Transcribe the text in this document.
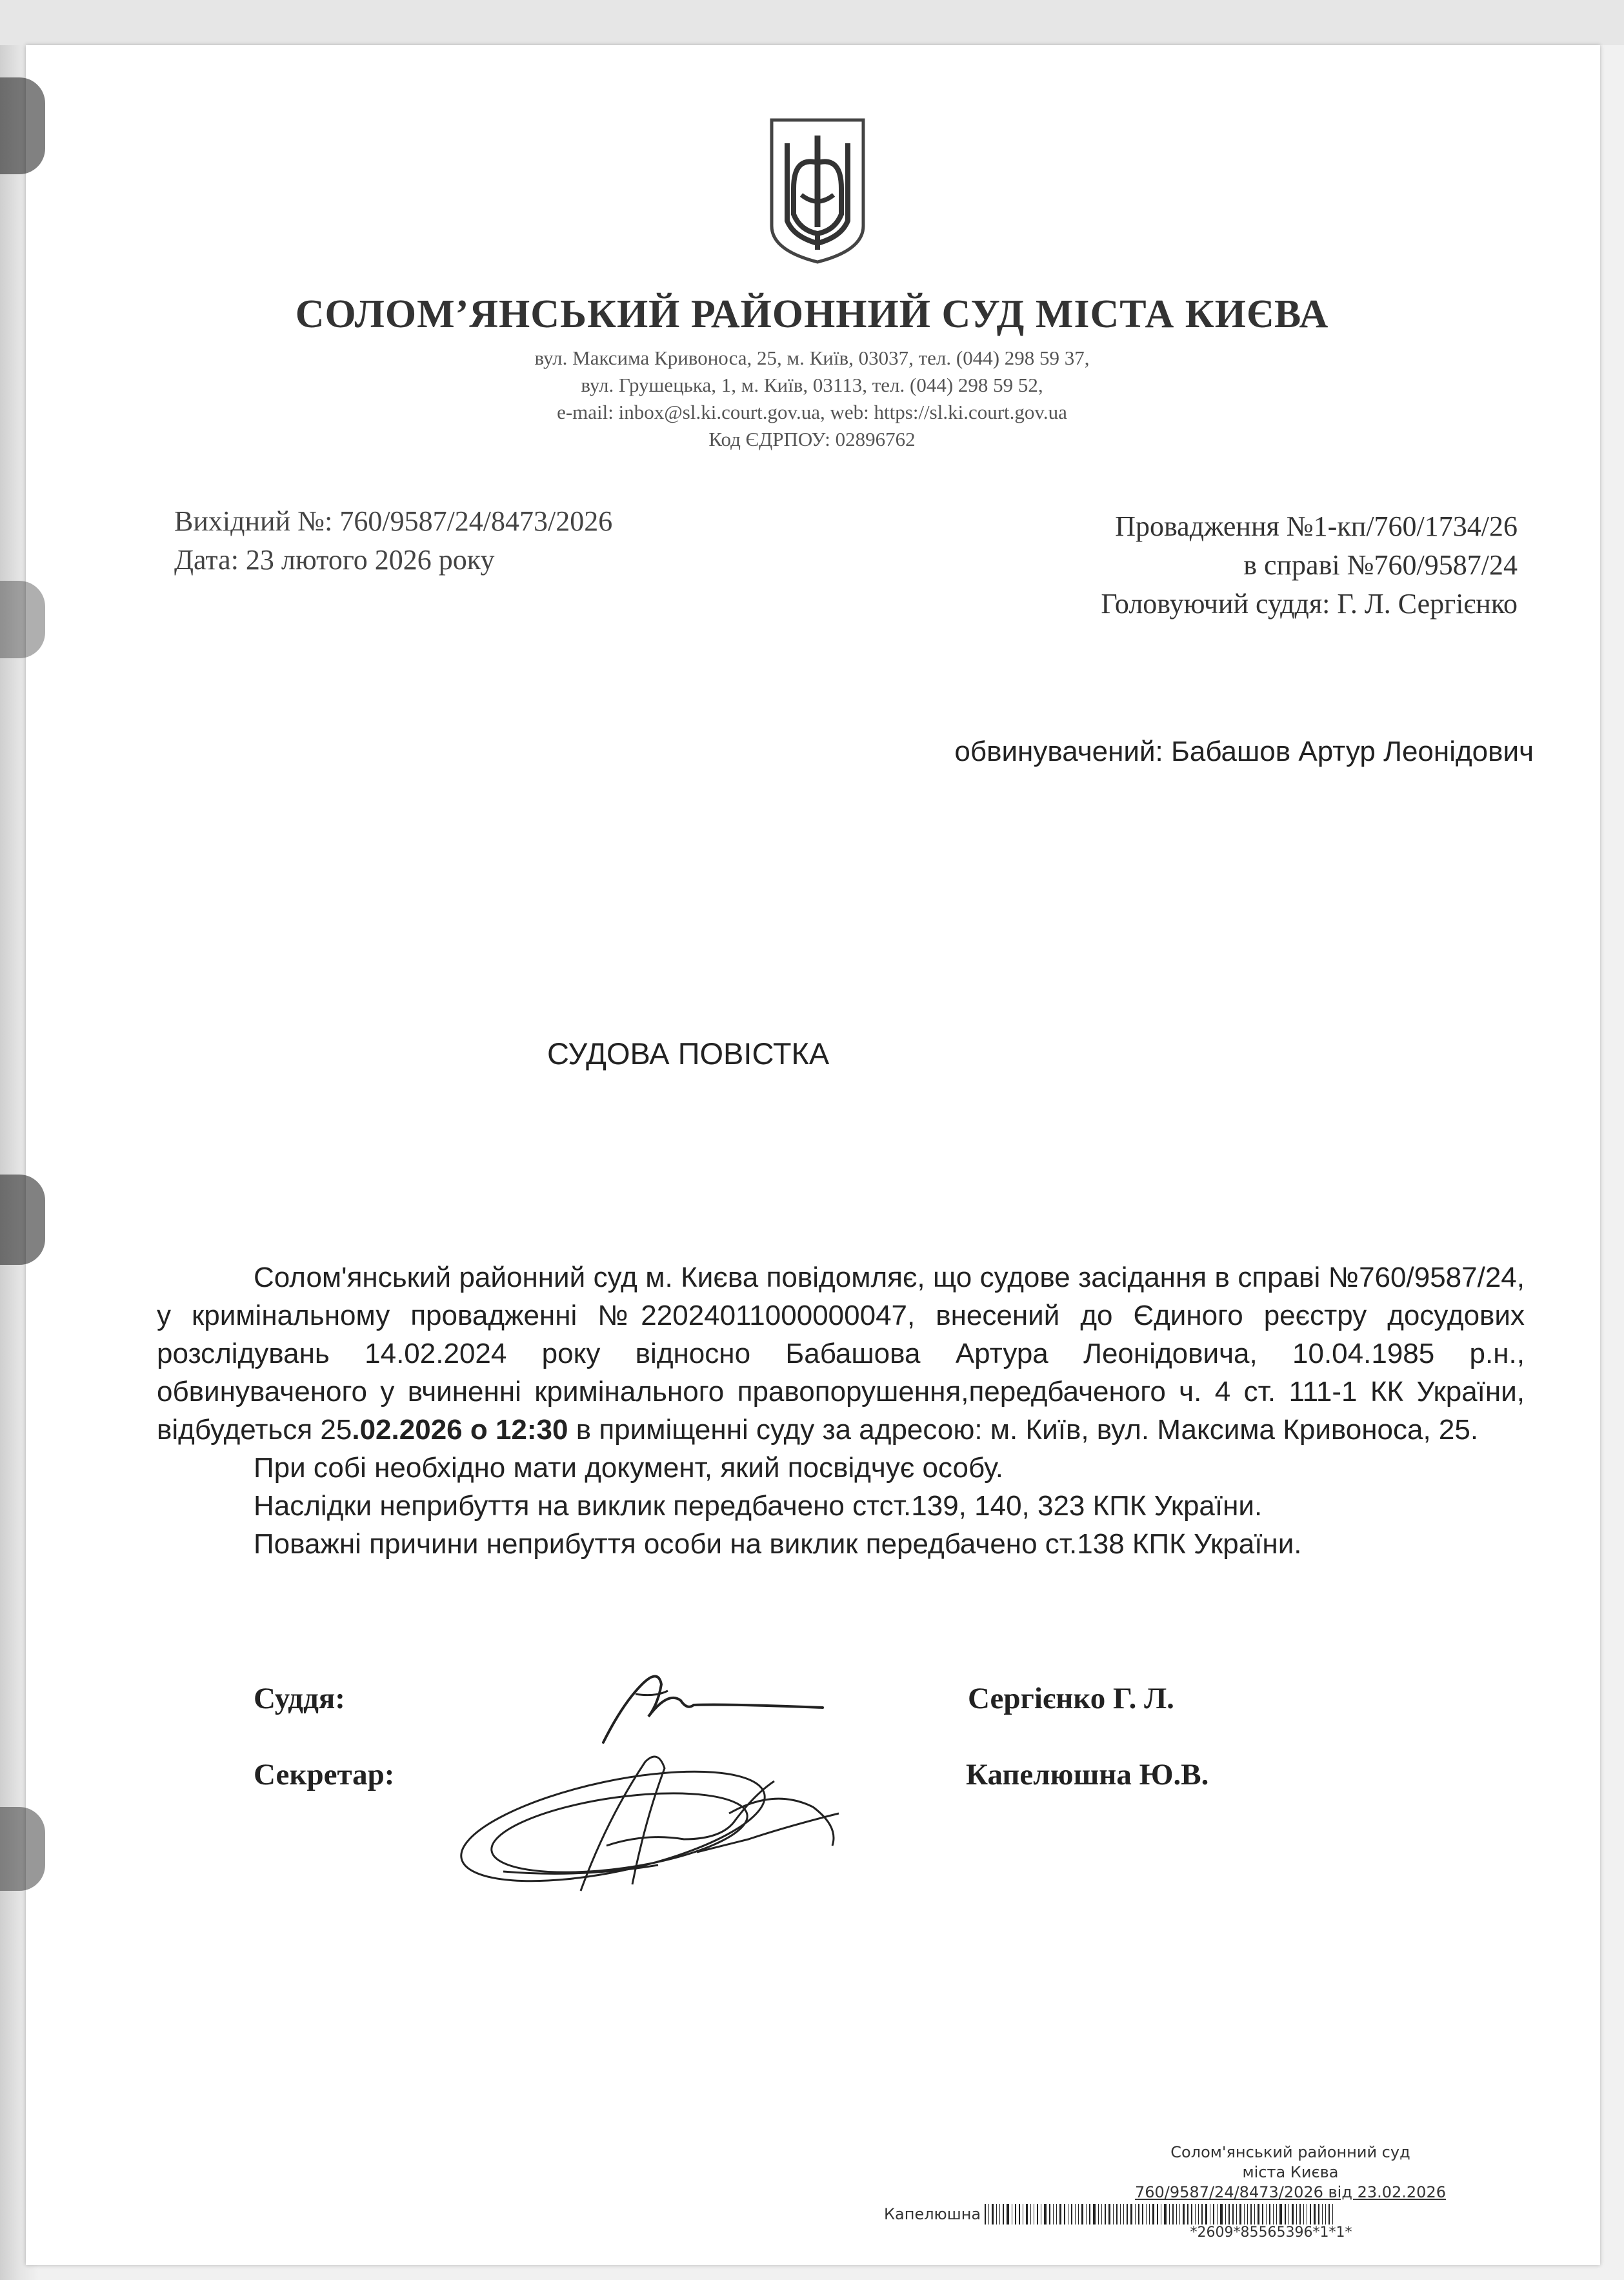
СОЛОМ’ЯНСЬКИЙ РАЙОННИЙ СУД МІСТА КИЄВА
вул. Максима Кривоноса, 25, м. Київ, 03037, тел. (044) 298 59 37,
вул. Грушецька, 1, м. Київ, 03113, тел. (044) 298 59 52,
e-mail: inbox@sl.ki.court.gov.ua, web: https://sl.ki.court.gov.ua
Код ЄДРПОУ: 02896762
Вихідний №: 760/9587/24/8473/2026
Дата: 23 лютого 2026 року
Провадження №1-кп/760/1734/26
в справі №760/9587/24
Головуючий суддя: Г. Л. Сергієнко
обвинувачений: Бабашов Артур Леонідович
СУДОВА ПОВІСТКА

Солом'янський районний суд м. Києва повідомляє, що судове засідання в справі №760/9587/24, у кримінальному провадженні №22024011000000047, внесений до Єдиного реєстру досудових розслідувань 14.02.2024 року відносно Бабашова Артура Леонідовича, 10.04.1985 р.н., обвинуваченого у вчиненні кримінального правопорушення,передбаченого ч. 4 ст. 111-1 КК України, відбудеться 25.02.2026 о 12:30 в приміщенні суду за адресою: м. Київ, вул. Максима Кривоноса, 25.

При собі необхідно мати документ, який посвідчує особу.

Наслідки неприбуття на виклик передбачено стст.139, 140, 323 КПК України.

Поважні причини неприбуття особи на виклик передбачено ст.138 КПК України.

Суддя:	Сергієнко Г. Л.
Секретар:	Капелюшна Ю.В.
Солом'янський районний суд
міста Києва
760/9587/24/8473/2026 від 23.02.2026
Капелюшна
*2609*85565396*1*1*
